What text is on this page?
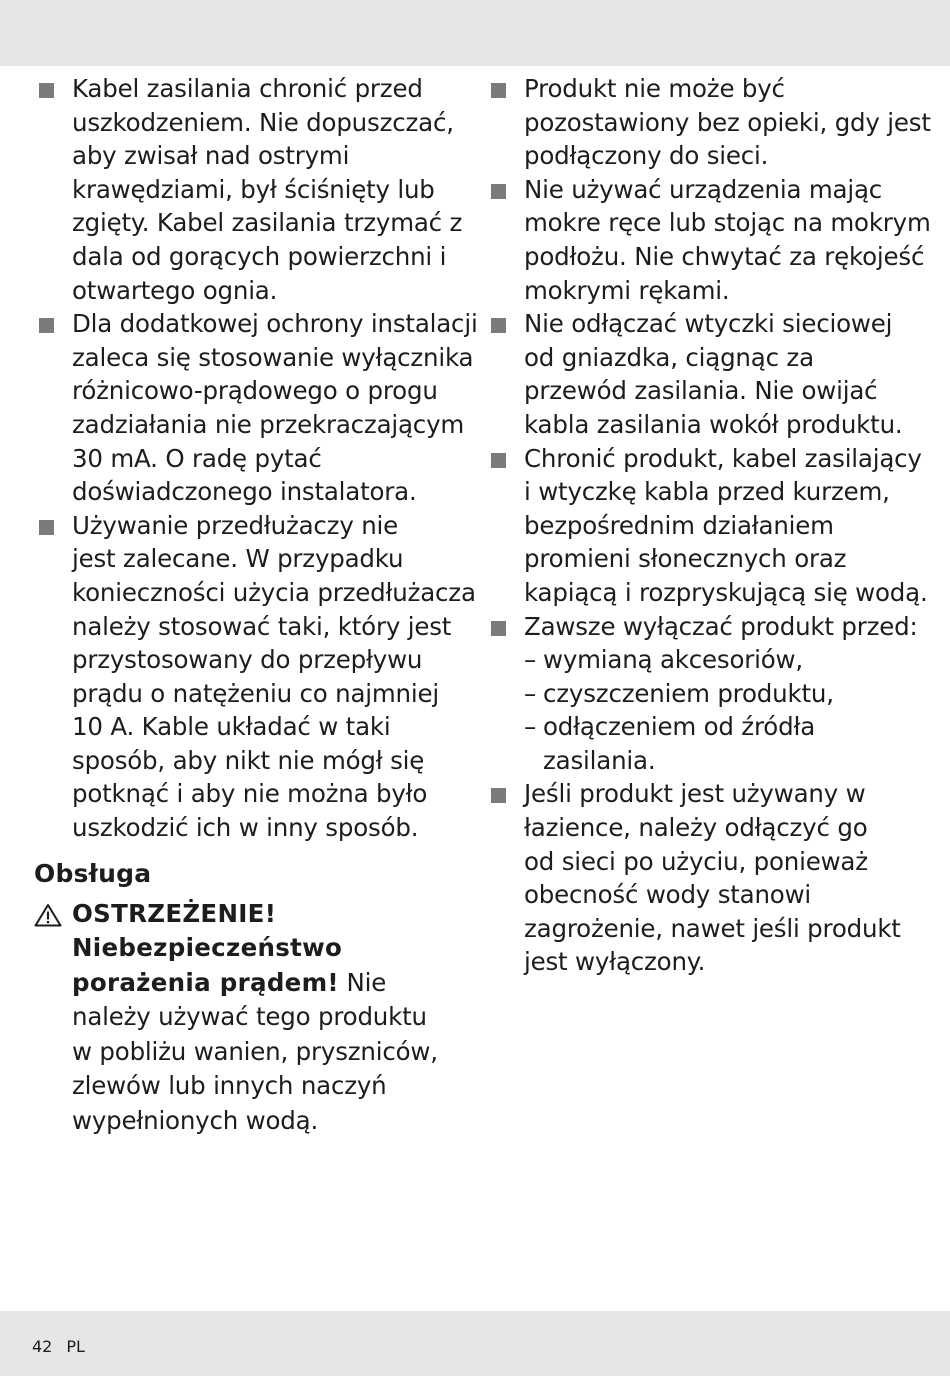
Kabel zasilania chronić przed
uszkodzeniem. Nie dopuszczać,
aby zwisał nad ostrymi
krawędziami, był ściśnięty lub
zgięty. Kabel zasilania trzymać z
dala od gorących powierzchni i
otwartego ognia.
Dla dodatkowej ochrony instalacji
zaleca się stosowanie wyłącznika
różnicowo-prądowego o progu
zadziałania nie przekraczającym
30 mA. O radę pytać
doświadczonego instalatora.
Używanie przedłużaczy nie
jest zalecane. W przypadku
konieczności użycia przedłużacza
należy stosować taki, który jest
przystosowany do przepływu
prądu o natężeniu co najmniej
10 A. Kable układać w taki
sposób, aby nikt nie mógł się
potknąć i aby nie można było
uszkodzić ich w inny sposób.
Obsługa
OSTRZEŻENIE!
Niebezpieczeństwo
porażenia prądem! Nie
należy używać tego produktu
w pobliżu wanien, pryszniców,
zlewów lub innych naczyń
wypełnionych wodą.
Produkt nie może być
pozostawiony bez opieki, gdy jest
podłączony do sieci.
Nie używać urządzenia mając
mokre ręce lub stojąc na mokrym
podłożu. Nie chwytać za rękojeść
mokrymi rękami.
Nie odłączać wtyczki sieciowej
od gniazdka, ciągnąc za
przewód zasilania. Nie owijać
kabla zasilania wokół produktu.
Chronić produkt, kabel zasilający
i wtyczkę kabla przed kurzem,
bezpośrednim działaniem
promieni słonecznych oraz
kapiącą i rozpryskującą się wodą.
Zawsze wyłączać produkt przed:
– wymianą akcesoriów,
– czyszczeniem produktu,
– odłączeniem od źródła
zasilania.
Jeśli produkt jest używany w
łazience, należy odłączyć go
od sieci po użyciu, ponieważ
obecność wody stanowi
zagrożenie, nawet jeśli produkt
jest wyłączony.
42 PL
